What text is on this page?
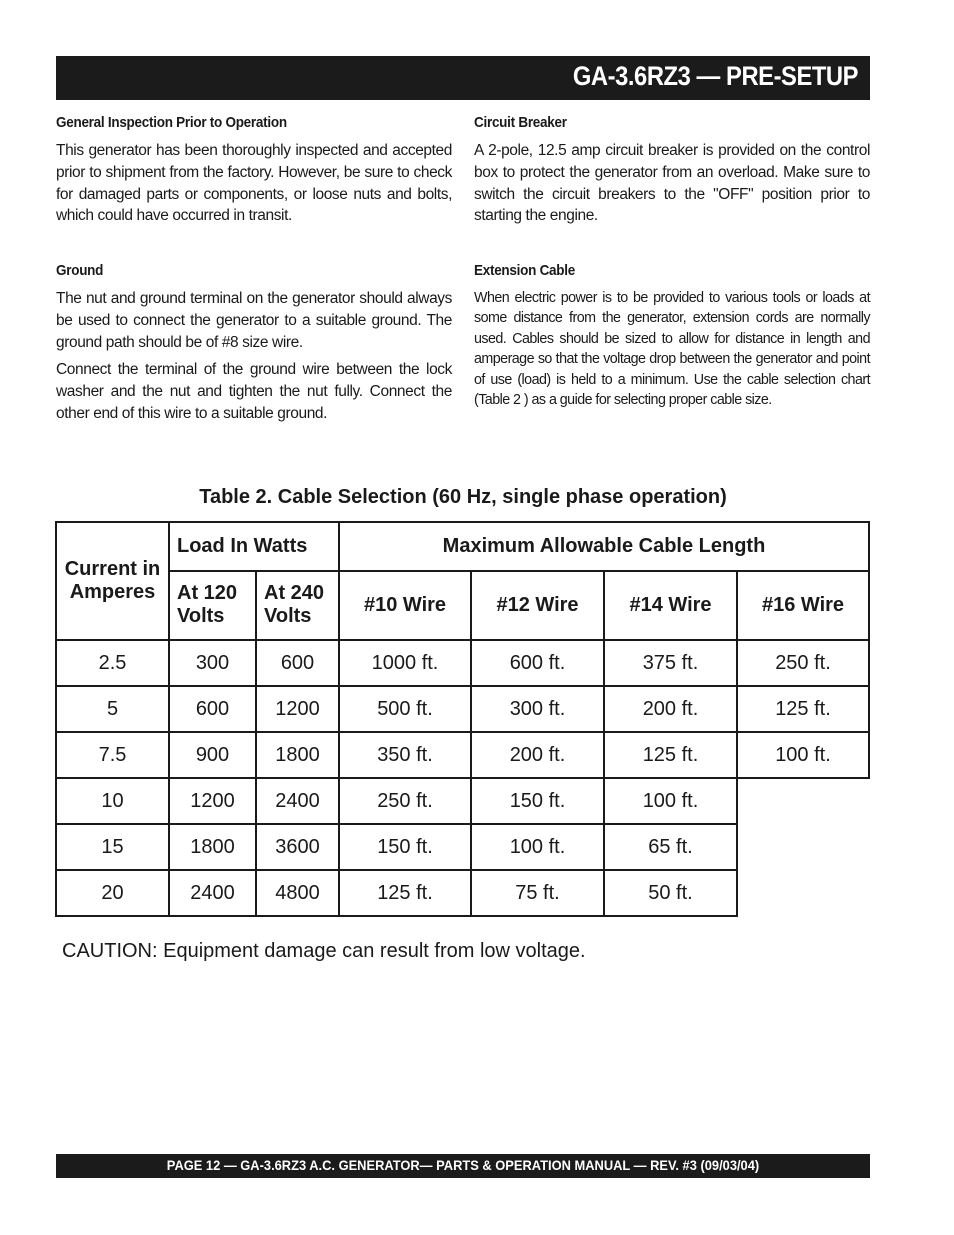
GA-3.6RZ3 — PRE-SETUP
General Inspection Prior to Operation

This generator has been thoroughly inspected and accepted prior to shipment from the factory. However, be sure to check for damaged parts or components, or loose nuts and bolts, which could have occurred in transit.

Circuit Breaker

A 2-pole, 12.5 amp circuit breaker is provided on the control box to protect the generator from an overload. Make sure to switch the circuit breakers to the "OFF" position prior to starting the engine.

Ground

The nut and ground terminal on the generator should always be used to connect the generator to a suitable ground. The ground path should be of #8 size wire.

Connect the terminal of the ground wire between the lock washer and the nut and tighten the nut fully. Connect the other end of this wire to a suitable ground.

Extension Cable

When electric power is to be provided to various tools or loads at some distance from the generator, extension cords are normally used. Cables should be sized to allow for distance in length and amperage so that the voltage drop between the generator and point of use (load) is held to a minimum. Use the cable selection chart (Table 2 ) as a guide for selecting proper cable size.

Table 2. Cable Selection (60 Hz, single phase operation)
Current in Amperes	Load In Watts		Maximum Allowable Cable Length			
	At 120 Volts	At 240 Volts	#10 Wire	#12 Wire	#14 Wire	#16 Wire
2.5	300	600	1000 ft.	600 ft.	375 ft.	250 ft.
5	600	1200	500 ft.	300 ft.	200 ft.	125 ft.
7.5	900	1800	350 ft.	200 ft.	125 ft.	100 ft.
10	1200	2400	250 ft.	150 ft.	100 ft.	
15	1800	3600	150 ft.	100 ft.	65 ft.	
20	2400	4800	125 ft.	75 ft.	50 ft.	
CAUTION: Equipment damage can result from low voltage.
PAGE 12 — GA-3.6RZ3 A.C. GENERATOR— PARTS & OPERATION MANUAL — REV. #3 (09/03/04)
